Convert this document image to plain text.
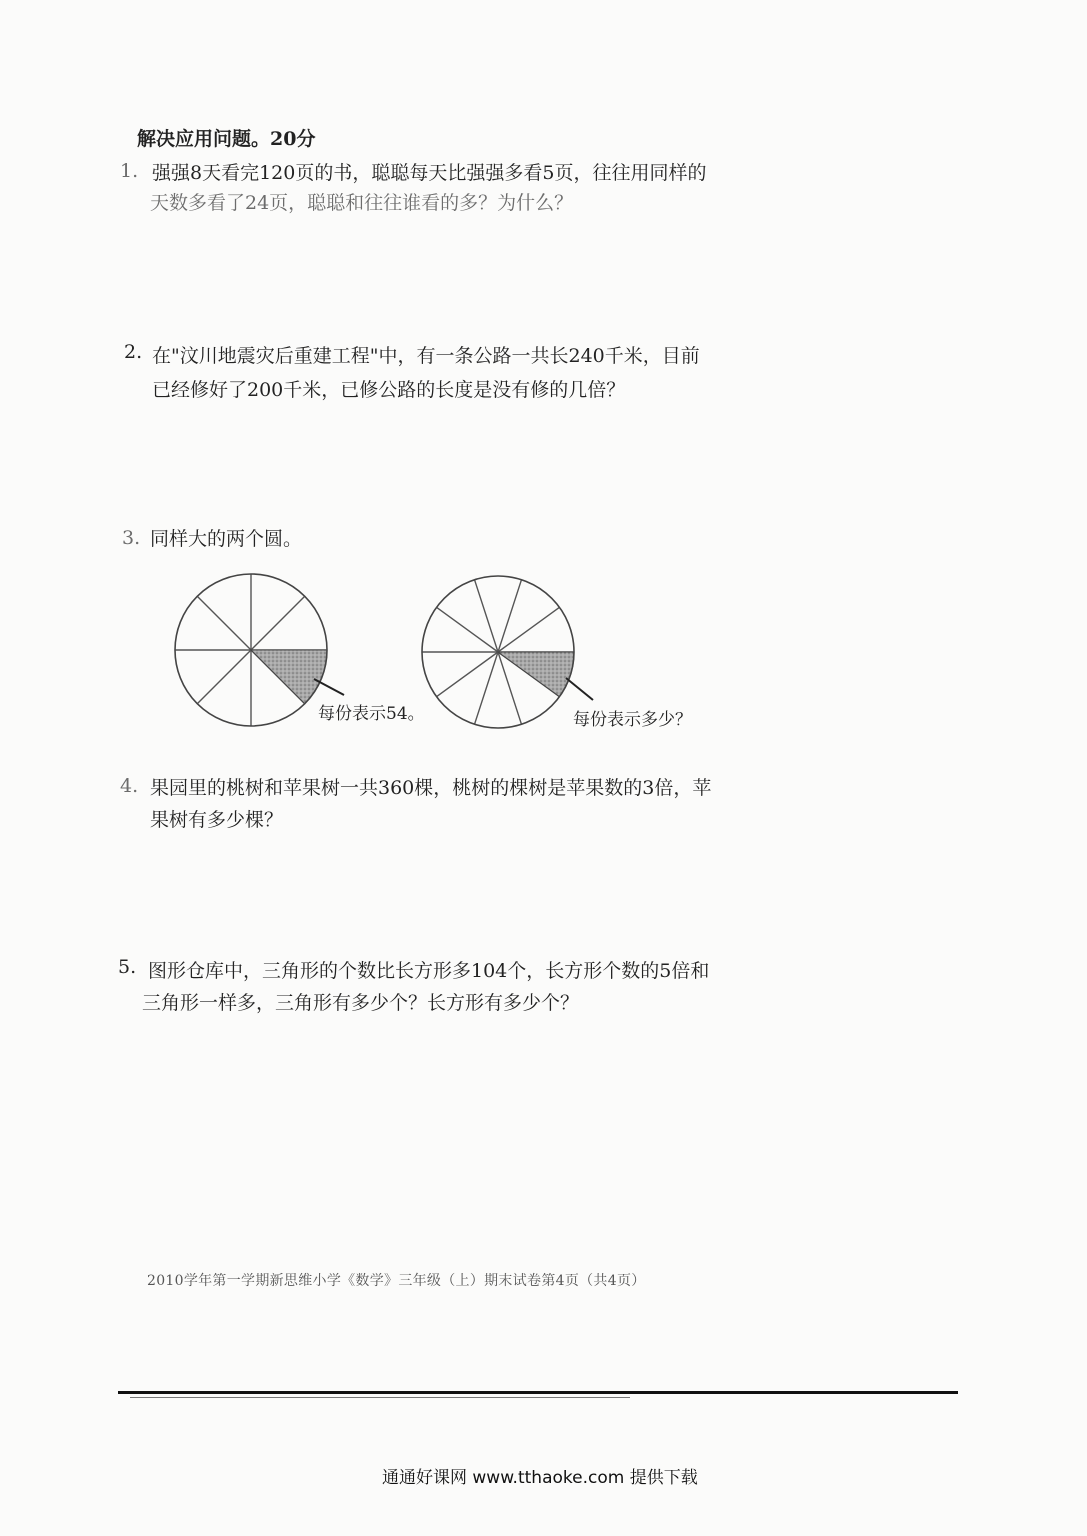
解决应用问题。20分
1. 强强8天看完120页的书，聪聪每天比强强多看5页，往往用同样的
天数多看了24页，聪聪和往往谁看的多？为什么？
2. 在"汶川地震灾后重建工程"中，有一条公路一共长240千米，目前
已经修好了200千米，已修公路的长度是没有修的几倍？
3. 同样大的两个圆。
每份表示54。	每份表示多少？
4. 果园里的桃树和苹果树一共360棵，桃树的棵树是苹果数的3倍，苹
果树有多少棵？
5. 图形仓库中，三角形的个数比长方形多104个，长方形个数的5倍和
三角形一样多，三角形有多少个？长方形有多少个？
2010学年第一学期新思维小学《数学》三年级（上）期末试卷第4页（共4页）
通通好课网 www.tthaoke.com 提供下载
